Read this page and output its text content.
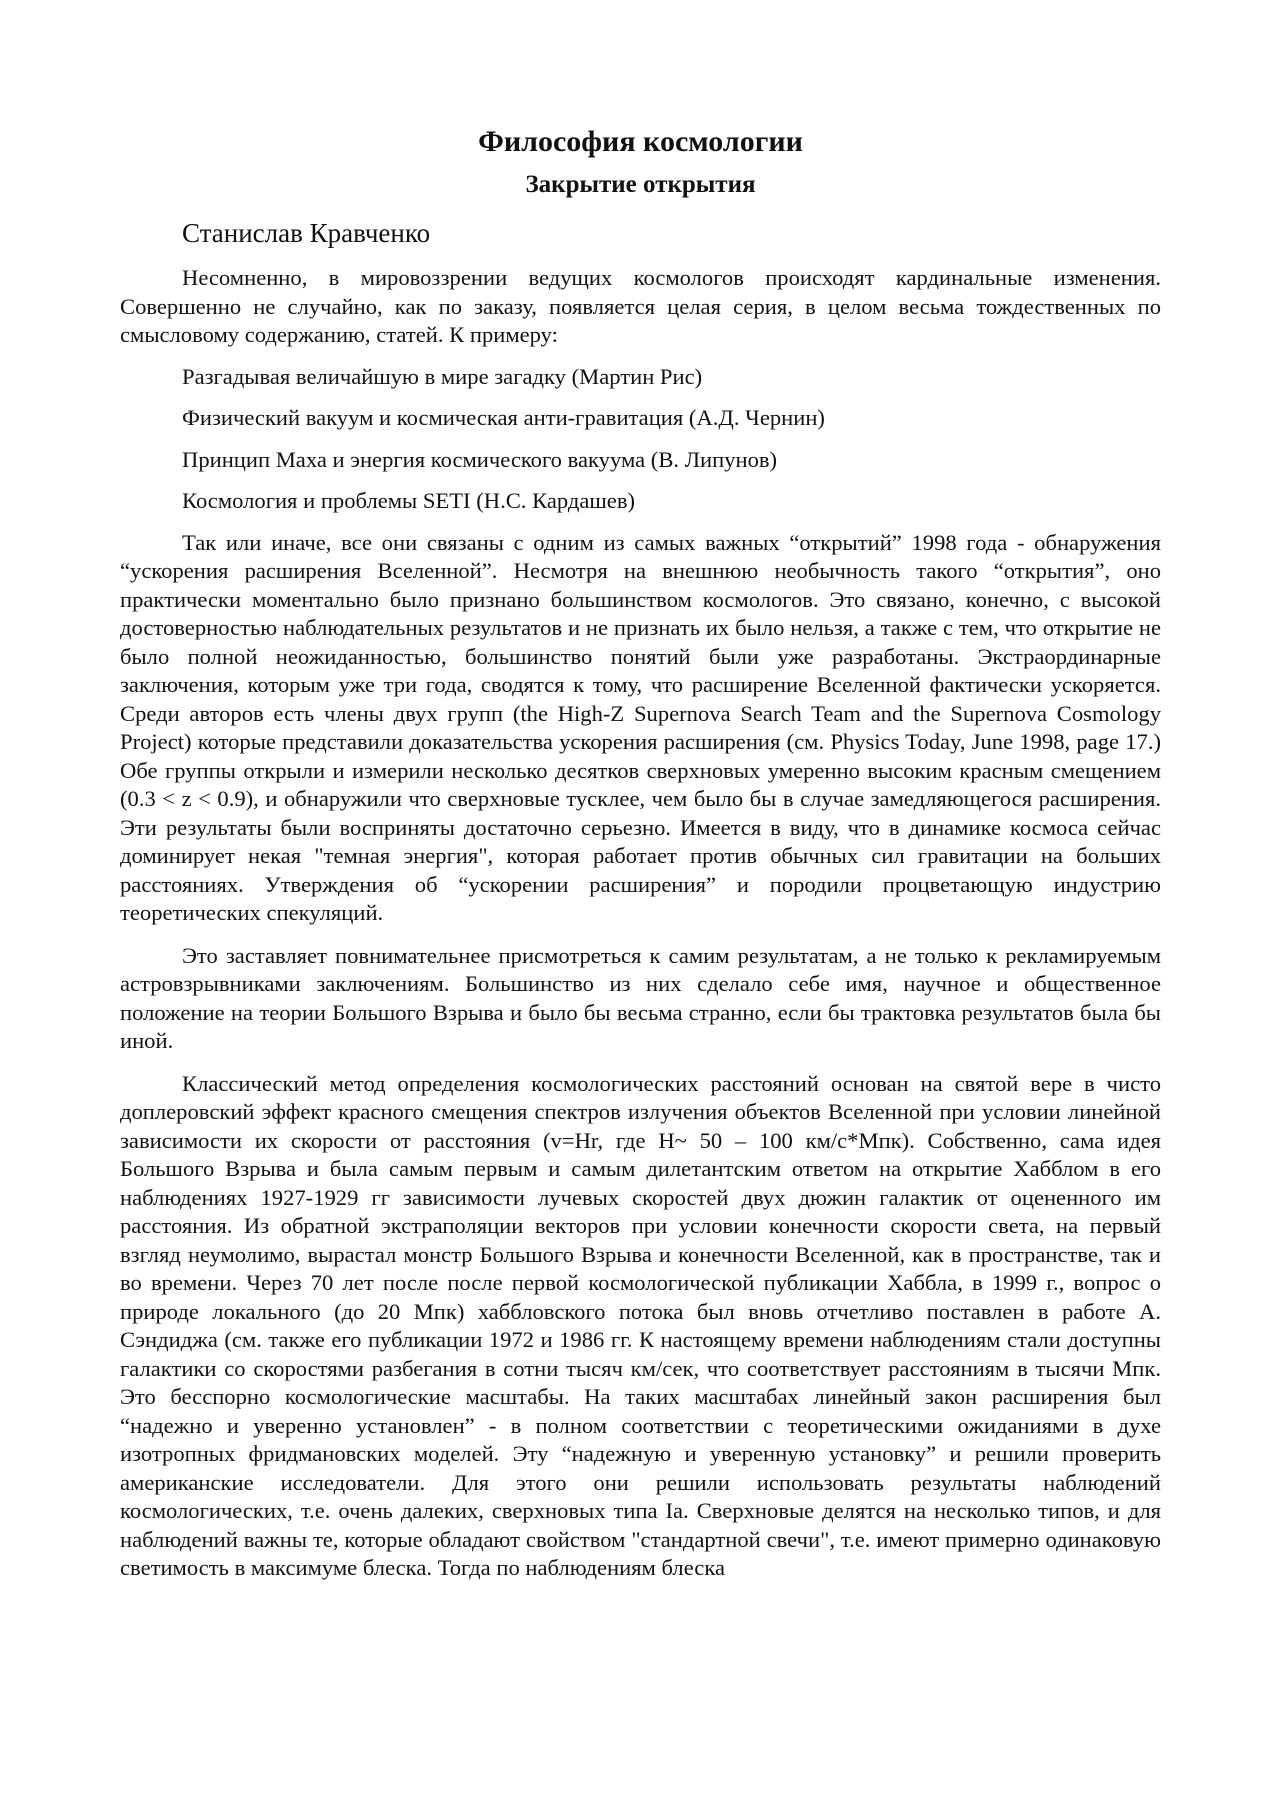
Философия космологии
Закрытие открытия

Станислав Кравченко

Несомненно, в мировоззрении ведущих космологов происходят кардинальные изменения. Совершенно не случайно, как по заказу, появляется целая серия, в целом весьма тождественных по смысловому содержанию, статей. К примеру:

Разгадывая величайшую в мире загадку (Мартин Рис)
Физический вакуум и космическая анти-гравитация (А.Д. Чернин)
Принцип Маха и энергия космического вакуума (В. Липунов)
Космология и проблемы SETI (Н.С. Кардашев)

Так или иначе, все они связаны с одним из самых важных “открытий” 1998 года - обнаружения “ускорения расширения Вселенной”. Несмотря на внешнюю необычность такого “открытия”, оно практически моментально было признано большинством космологов. Это связано, конечно, с высокой достоверностью наблюдательных результатов и не признать их было нельзя, а также с тем, что открытие не было полной неожиданностью, большинство понятий были уже разработаны. Экстраординарные заключения, которым уже три года, сводятся к тому, что расширение Вселенной фактически ускоряется. Среди авторов есть члены двух групп (the High-Z Supernova Search Team and the Supernova Cosmology Project) которые представили доказательства ускорения расширения (см. Physics Today, June 1998, page 17.) Обе группы открыли и измерили несколько десятков сверхновых умеренно высоким красным смещением (0.3 < z < 0.9), и обнаружили что сверхновые тусклее, чем было бы в случае замедляющегося расширения. Эти результаты были восприняты достаточно серьезно. Имеется в виду, что в динамике космоса сейчас доминирует некая "темная энергия", которая работает против обычных сил гравитации на больших расстояниях. Утверждения об “ускорении расширения” и породили процветающую индустрию теоретических спекуляций.

Это заставляет повнимательнее присмотреться к самим результатам, а не только к рекламируемым астровзрывниками заключениям. Большинство из них сделало себе имя, научное и общественное положение на теории Большого Взрыва и было бы весьма странно, если бы трактовка результатов была бы иной.

Классический метод определения космологических расстояний основан на святой вере в чисто доплеровский эффект красного смещения спектров излучения объектов Вселенной при условии линейной зависимости их скорости от расстояния (v=Hr, где H~ 50 – 100 км/с*Мпк). Собственно, сама идея Большого Взрыва и была самым первым и самым дилетантским ответом на открытие Хабблом в его наблюдениях 1927-1929 гг зависимости лучевых скоростей двух дюжин галактик от оцененного им расстояния. Из обратной экстраполяции векторов при условии конечности скорости света, на первый взгляд неумолимо, вырастал монстр Большого Взрыва и конечности Вселенной, как в пространстве, так и во времени. Через 70 лет после после первой космологической публикации Хаббла, в 1999 г., вопрос о природе локального (до 20 Мпк) хаббловского потока был вновь отчетливо поставлен в работе А. Сэндиджа (см. также его публикации 1972 и 1986 гг. К настоящему времени наблюдениям стали доступны галактики со скоростями разбегания в сотни тысяч км/сек, что соответствует расстояниям в тысячи Мпк. Это бесспорно космологические масштабы. На таких масштабах линейный закон расширения был “надежно и уверенно установлен” - в полном соответствии с теоретическими ожиданиями в духе изотропных фридмановских моделей. Эту “надежную и уверенную установку” и решили проверить американские исследователи. Для этого они решили использовать результаты наблюдений космологических, т.е. очень далеких, сверхновых типа Ia. Сверхновые делятся на несколько типов, и для наблюдений важны те, которые обладают свойством "стандартной свечи", т.е. имеют примерно одинаковую светимость в максимуме блеска. Тогда по наблюдениям блеска
